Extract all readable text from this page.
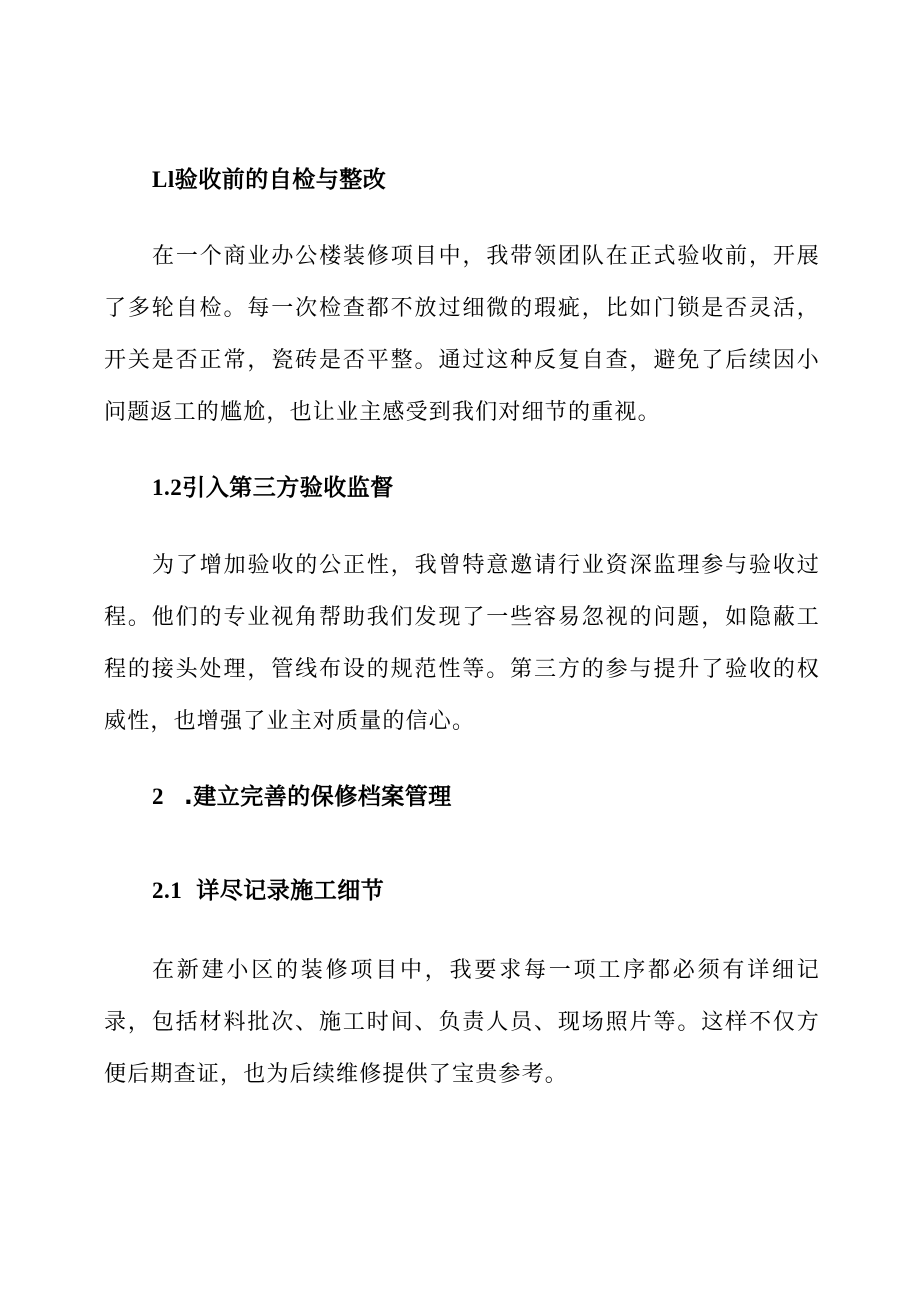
Ll验收前的自检与整改

在一个商业办公楼装修项目中，我带领团队在正式验收前，开展了多轮自检。每一次检查都不放过细微的瑕疵，比如门锁是否灵活，开关是否正常，瓷砖是否平整。通过这种反复自查，避免了后续因小问题返工的尴尬，也让业主感受到我们对细节的重视。

1.2引入第三方验收监督

为了增加验收的公正性，我曾特意邀请行业资深监理参与验收过程。他们的专业视角帮助我们发现了一些容易忽视的问题，如隐蔽工程的接头处理，管线布设的规范性等。第三方的参与提升了验收的权威性，也增强了业主对质量的信心。

2 .建立完善的保修档案管理
2.1 详尽记录施工细节

在新建小区的装修项目中，我要求每一项工序都必须有详细记录，包括材料批次、施工时间、负责人员、现场照片等。这样不仅方便后期查证，也为后续维修提供了宝贵参考。
